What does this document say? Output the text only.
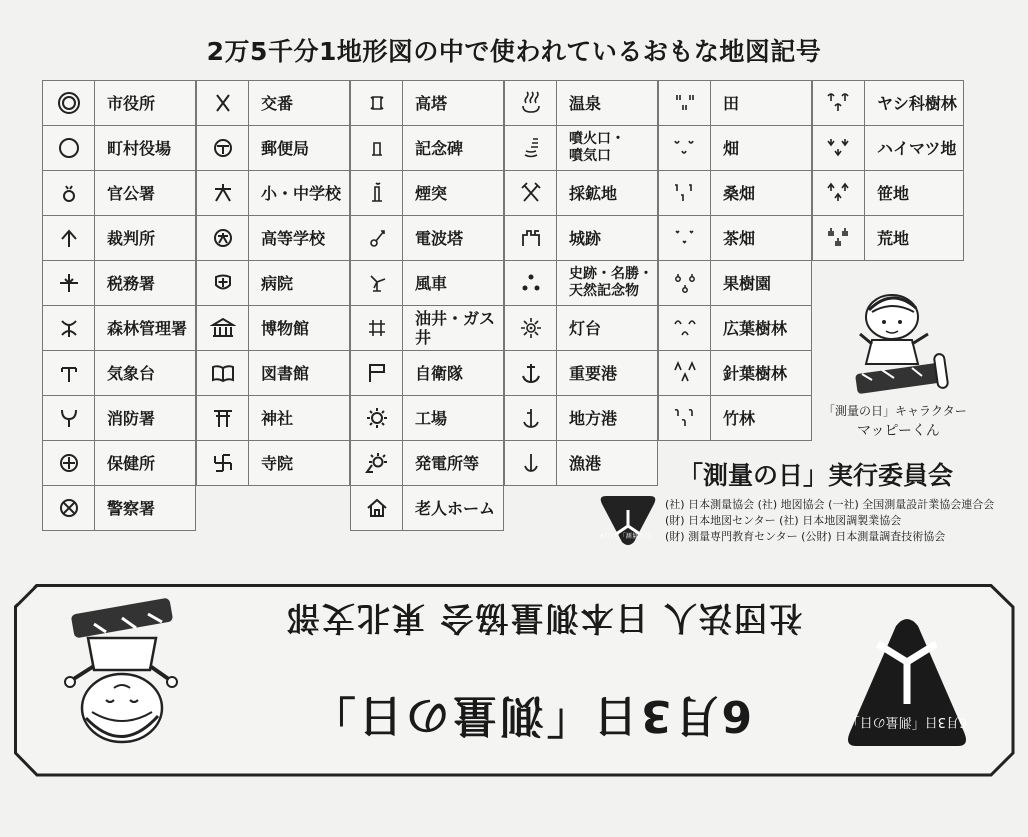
2万5千分1地形図の中で使われているおもな地図記号
市役所
町村役場
官公署
裁判所
税務署
森林管理署
気象台
消防署
保健所
警察署
交番
郵便局
小・中学校
高等学校
病院
博物館
図書館
神社
寺院
高塔
記念碑
煙突
電波塔
風車
油井・ガス井
自衛隊
工場
発電所等
老人ホーム
温泉
噴火口・
噴気口
採鉱地
城跡
史跡・名勝・
天然記念物
灯台
重要港
地方港
漁港
田
畑
桑畑
茶畑
果樹園
広葉樹林
針葉樹林
竹林
ヤシ科樹林
ハイマツ地
笹地
荒地
「測量の日」キャラクター
マッピーくん
6月3日「測量の日」
「測量の日」実行委員会
(社) 日本測量協会 (社) 地図協会 (一社) 全国測量設計業協会連合会
(財) 日本地図センター (社) 日本地図調製業協会
(財) 測量専門教育センター (公財) 日本測量調査技術協会
6月3日「測量の日」
社団法人 日本測量協会 東北支部
6月3日「測量の日」
